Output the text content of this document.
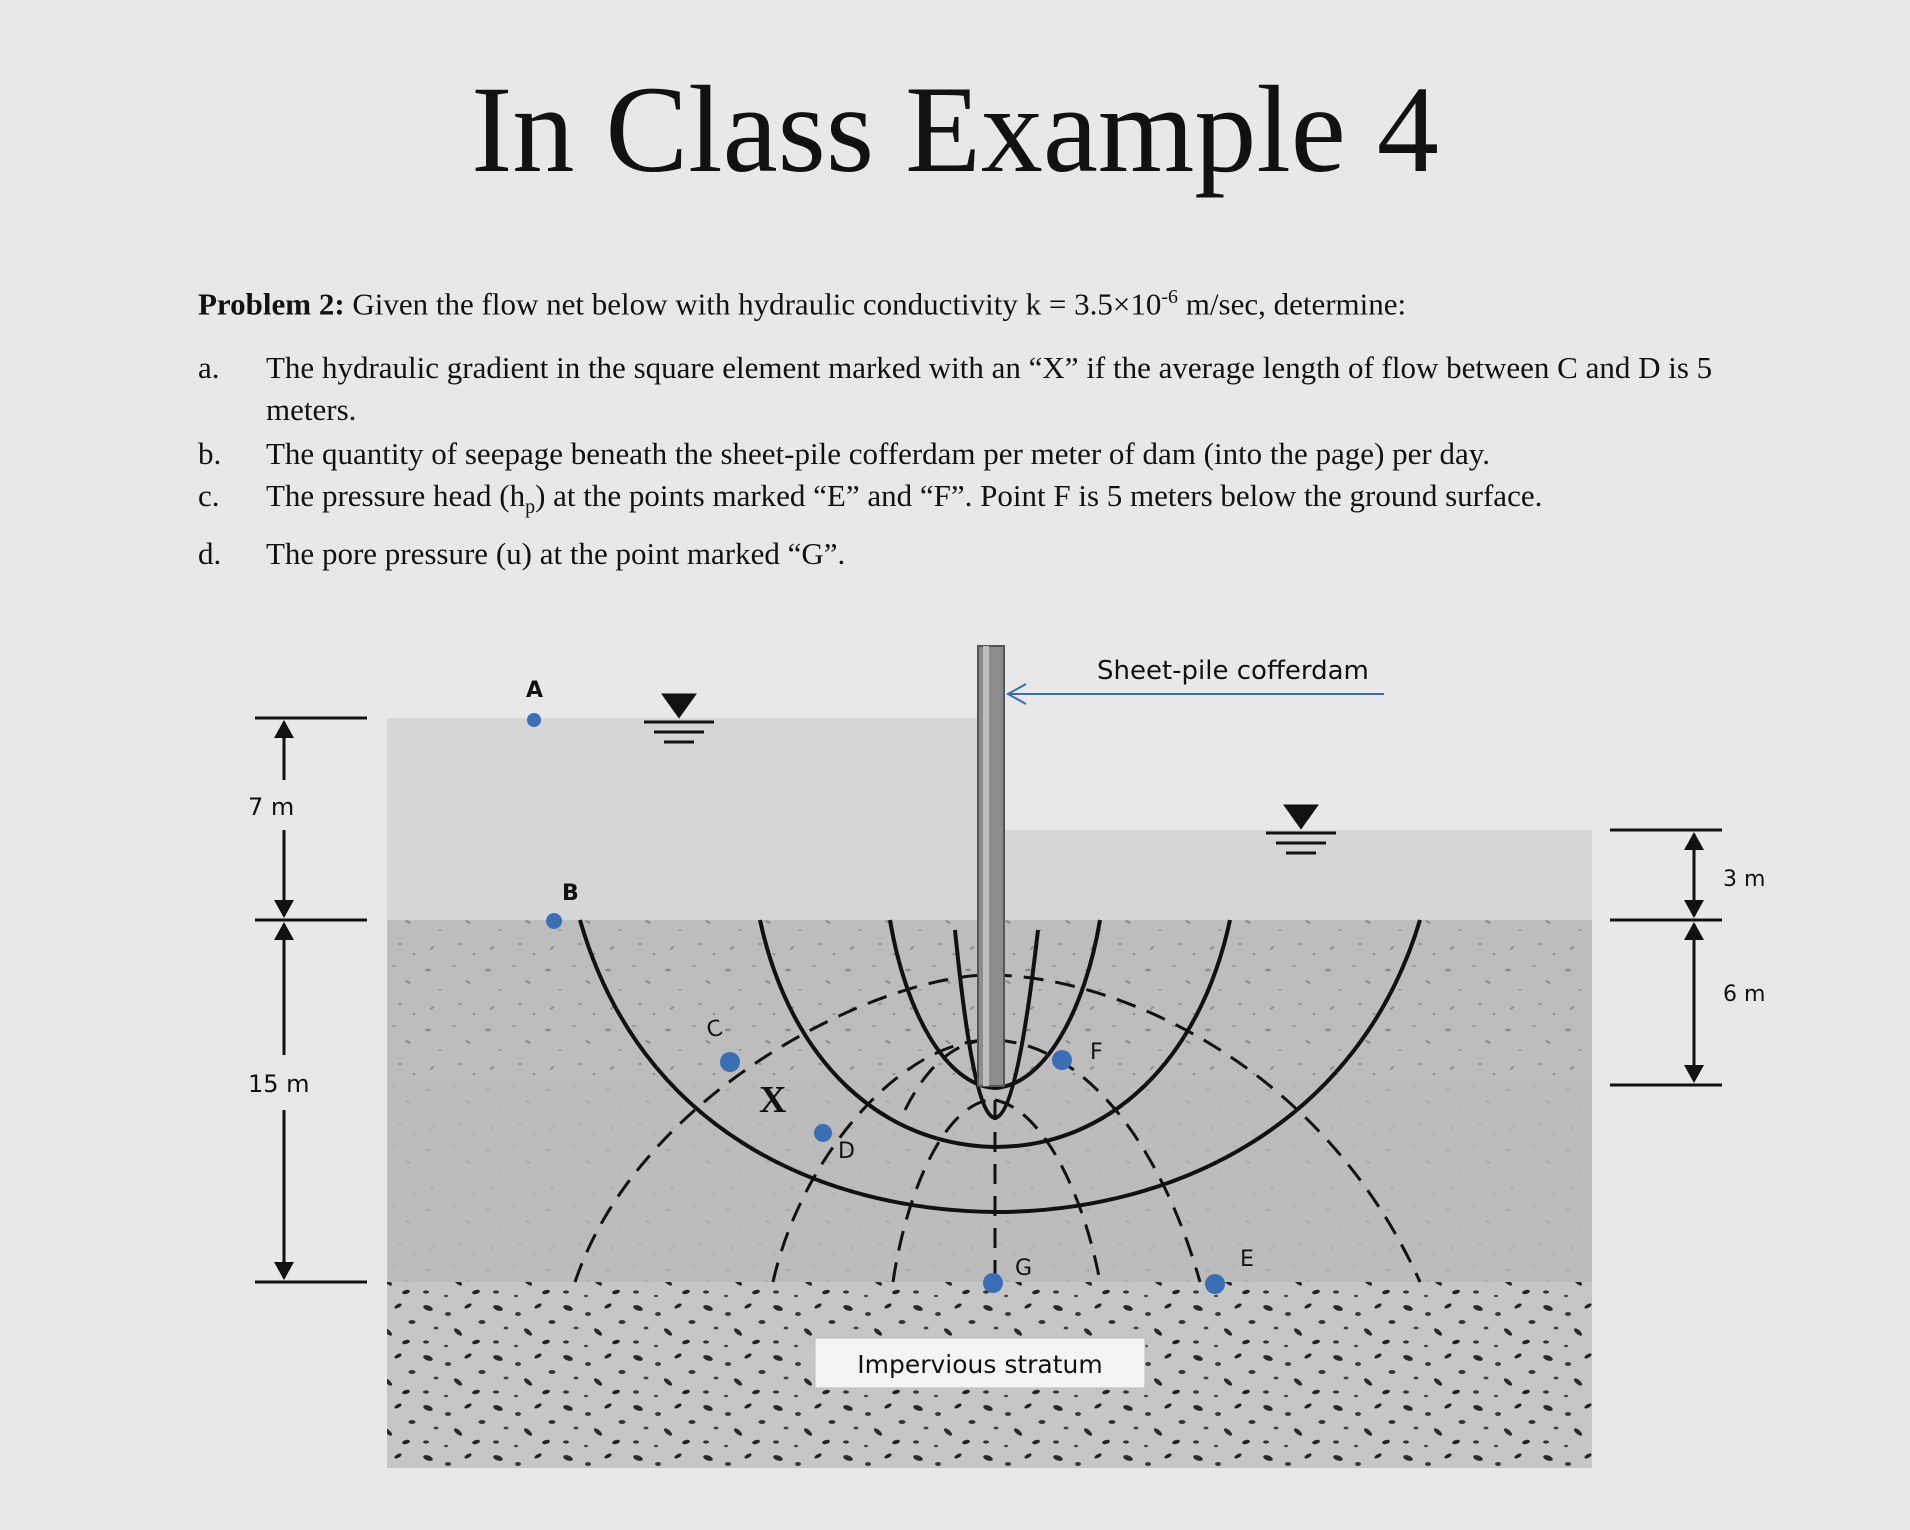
In Class Example 4

Problem 2: Given the flow net below with hydraulic conductivity $k = 3.5\times 10^{-6}$ m/sec, determine:

a.	The hydraulic gradient in the square element marked with an “X” if the average length of flow between C and D is 5 meters.
b.	The quantity of seepage beneath the sheet-pile cofferdam per meter of dam (into the page) per day.
c.	The pressure head $(h_p)$ at the points marked “E” and “F”. Point F is 5 meters below the ground surface.
d.	The pore pressure (u) at the point marked “G”.
Sheet-pile cofferdam
7 m
15 m
3 m
6 m
A
B
C
D
F
G	E
X
Impervious stratum
